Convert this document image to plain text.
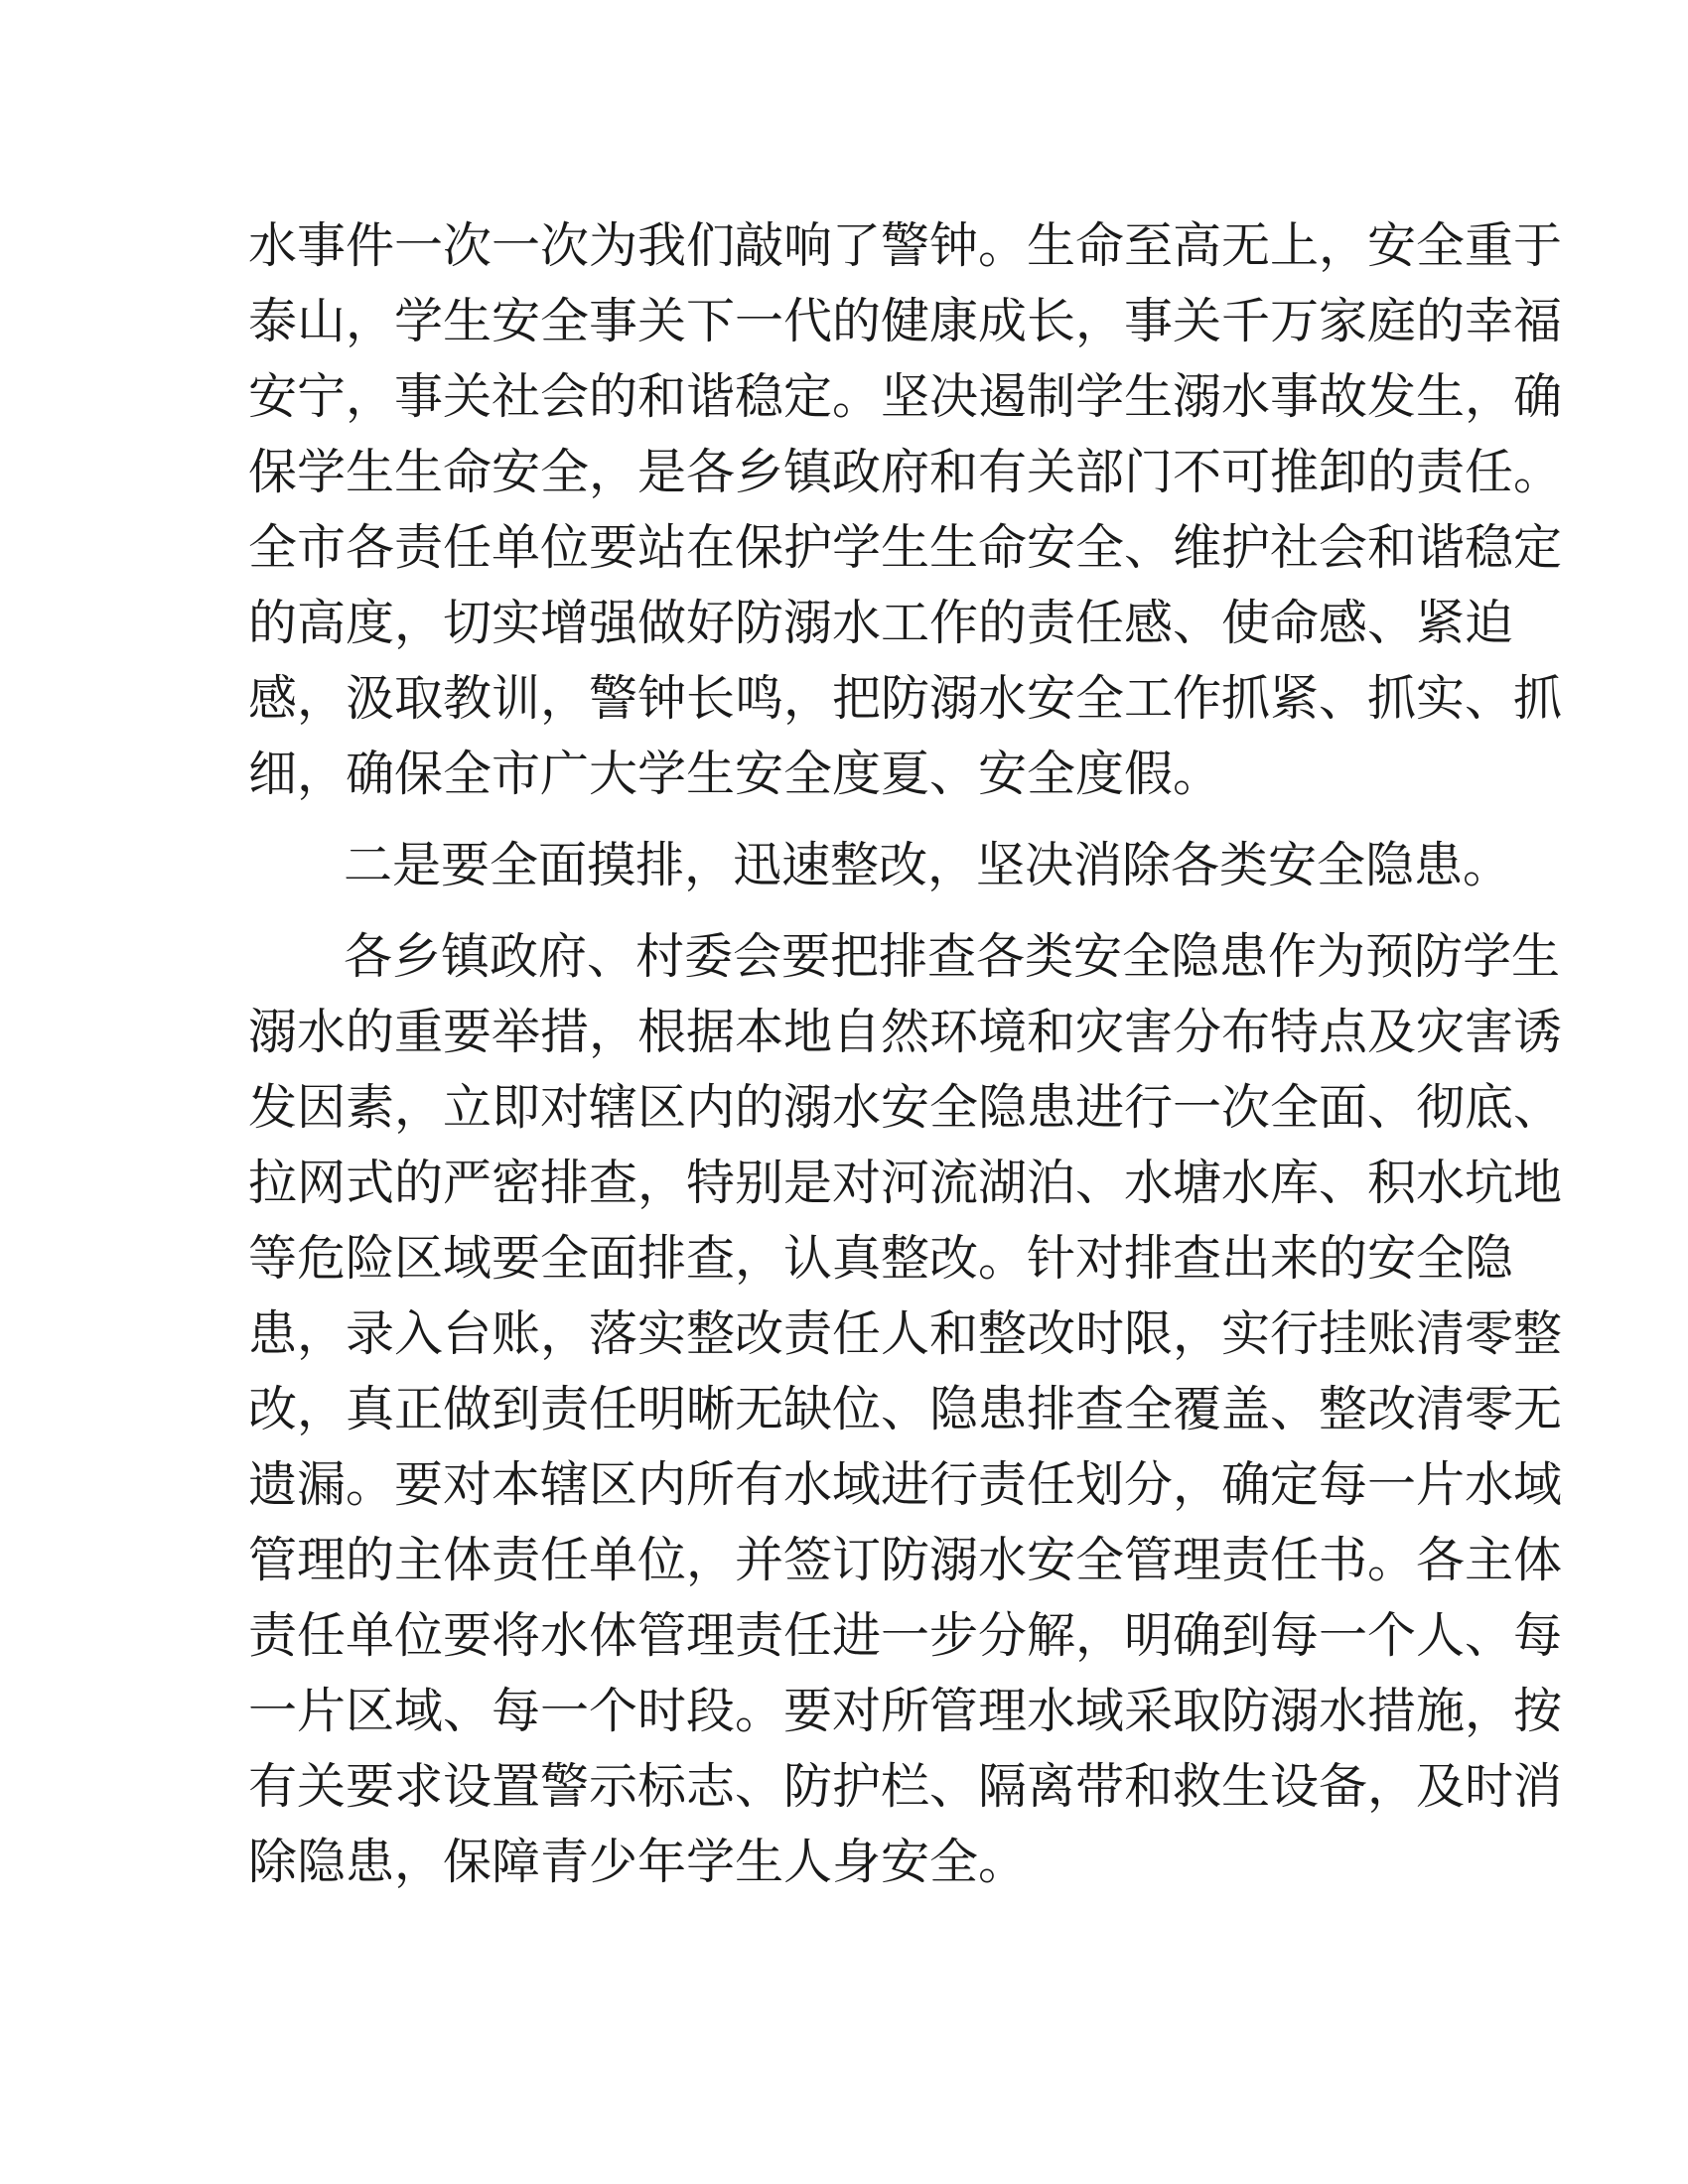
水事件一次一次为我们敲响了警钟。生命至高无上，安全重于
泰山，学生安全事关下一代的健康成长，事关千万家庭的幸福
安宁，事关社会的和谐稳定。坚决遏制学生溺水事故发生，确
保学生生命安全，是各乡镇政府和有关部门不可推卸的责任。
全市各责任单位要站在保护学生生命安全、维护社会和谐稳定
的高度，切实增强做好防溺水工作的责任感、使命感、紧迫
感，汲取教训，警钟长鸣，把防溺水安全工作抓紧、抓实、抓
细，确保全市广大学生安全度夏、安全度假。
二是要全面摸排，迅速整改，坚决消除各类安全隐患。
各乡镇政府、村委会要把排查各类安全隐患作为预防学生
溺水的重要举措，根据本地自然环境和灾害分布特点及灾害诱
发因素，立即对辖区内的溺水安全隐患进行一次全面、彻底、
拉网式的严密排查，特别是对河流湖泊、水塘水库、积水坑地
等危险区域要全面排查，认真整改。针对排查出来的安全隐
患，录入台账，落实整改责任人和整改时限，实行挂账清零整
改，真正做到责任明晰无缺位、隐患排查全覆盖、整改清零无
遗漏。要对本辖区内所有水域进行责任划分，确定每一片水域
管理的主体责任单位，并签订防溺水安全管理责任书。各主体
责任单位要将水体管理责任进一步分解，明确到每一个人、每
一片区域、每一个时段。要对所管理水域采取防溺水措施，按
有关要求设置警示标志、防护栏、隔离带和救生设备，及时消
除隐患，保障青少年学生人身安全。
